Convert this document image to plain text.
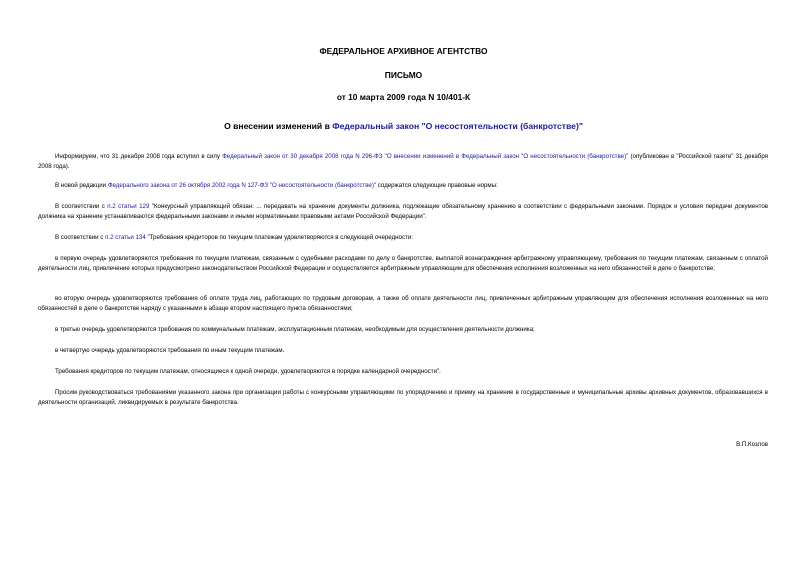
ФЕДЕРАЛЬНОЕ АРХИВНОЕ АГЕНТСТВО
ПИСЬМО
от 10 марта 2009 года N 10/401-К
О внесении изменений в Федеральный закон "О несостоятельности (банкротстве)"
Информируем, что 31 декабря 2008 года вступил в силу Федеральный закон от 30 декабря 2008 года N 296-ФЗ "О внесении изменений в Федеральный закон "О несостоятельности (банкротстве)" (опубликован в "Российской газете" 31 декабря 2008 года).
В новой редакции Федерального закона от 26 октября 2002 года N 127-ФЗ "О несостоятельности (банкротстве)" содержатся следующие правовые нормы:
В соответствии с п.2 статьи 129 "Конкурсный управляющий обязан: ... передавать на хранение документы должника, подлежащие обязательному хранению в соответствии с федеральными законами. Порядок и условия передачи документов должника на хранение устанавливаются федеральными законами и иными нормативными правовыми актами Российской Федерации".
В соответствии с п.2 статьи 134 "Требования кредиторов по текущим платежам удовлетворяются в следующей очередности:
в первую очередь удовлетворяются требования по текущим платежам, связанным с судебными расходами по делу о банкротстве, выплатой вознаграждения арбитражному управляющему, требования по текущим платежам, связанным с оплатой деятельности лиц, привлечение которых предусмотрено законодательством Российской Федерации и осуществляется арбитражным управляющим для обеспечения исполнения возложенных на него обязанностей в деле о банкротстве;
во вторую очередь удовлетворяются требования об оплате труда лиц, работающих по трудовым договорам, а также об оплате деятельности лиц, привлеченных арбитражным управляющим для обеспечения исполнения возложенных на него обязанностей в деле о банкротстве наряду с указанными в абзаце втором настоящего пункта обязанностями;
в третью очередь удовлетворяются требования по коммунальным платежам, эксплуатационным платежам, необходимым для осуществления деятельности должника;
в четвертую очередь удовлетворяются требования по иным текущим платежам.
Требования кредиторов по текущим платежам, относящиеся к одной очереди, удовлетворяются в порядке календарной очередности".
Просим руководствоваться требованиями указанного закона при организации работы с конкурсными управляющими по упорядочению и приему на хранение в государственные и муниципальные архивы архивных документов, образовавшихся в деятельности организаций, ликвидируемых в результате банкротства.
В.П.Козлов
